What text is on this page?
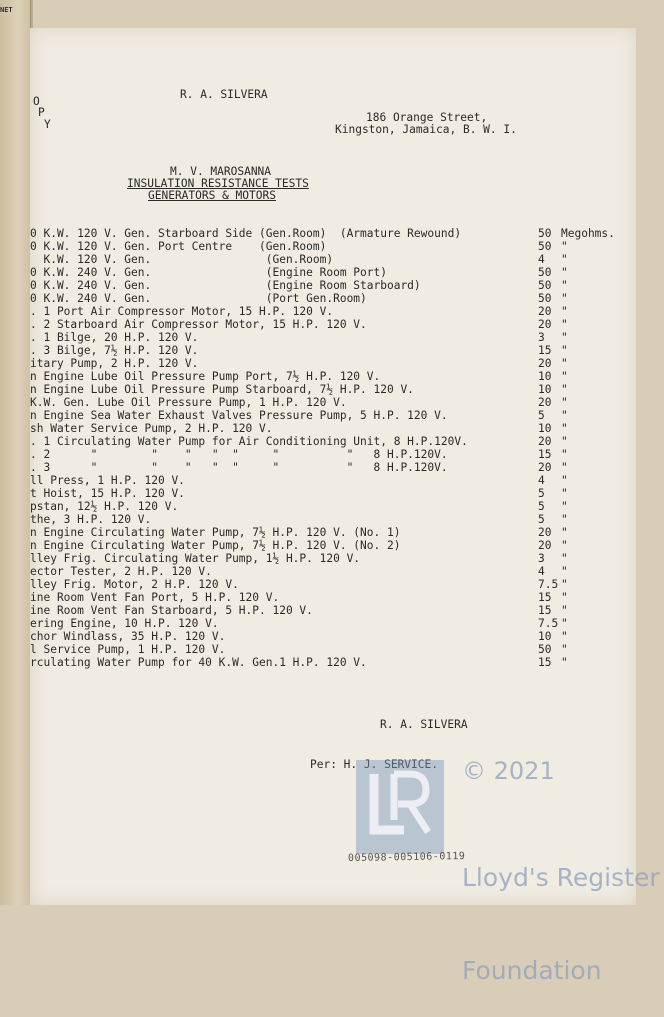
NET
O
P
Y
R. A. SILVERA
186 Orange Street,
Kingston, Jamaica, B. W. I.
M. V. MAROSANNA
INSULATION RESISTANCE TESTS
GENERATORS & MOTORS
0 K.W. 120 V. Gen. Starboard Side (Gen.Room)  (Armature Rewound)	50 Megohms.
0 K.W. 120 V. Gen. Port Centre    (Gen.Room)	50 "
K.W. 120 V. Gen.                 (Gen.Room)	4 "
0 K.W. 240 V. Gen.                 (Engine Room Port)	50 "
0 K.W. 240 V. Gen.                 (Engine Room Starboard)	50 "
0 K.W. 240 V. Gen.                 (Port Gen.Room)	50 "
. 1 Port Air Compressor Motor, 15 H.P. 120 V.	20 "
. 2 Starboard Air Compressor Motor, 15 H.P. 120 V.	20 "
. 1 Bilge, 20 H.P. 120 V.	3 "
. 3 Bilge, 7½ H.P. 120 V.	15 "
itary Pump, 2 H.P. 120 V.	20 "
n Engine Lube Oil Pressure Pump Port, 7½ H.P. 120 V.	10 "
n Engine Lube Oil Pressure Pump Starboard, 7½ H.P. 120 V.	10 "
K.W. Gen. Lube Oil Pressure Pump, 1 H.P. 120 V.	20 "
n Engine Sea Water Exhaust Valves Pressure Pump, 5 H.P. 120 V.	5 "
sh Water Service Pump, 2 H.P. 120 V.	10 "
. 1 Circulating Water Pump for Air Conditioning Unit, 8 H.P.120V.	20 "
. 2      "        "    "   "  "     "          "   8 H.P.120V.	15 "
. 3      "        "    "   "  "     "          "   8 H.P.120V.	20 "
ll Press, 1 H.P. 120 V.	4 "
t Hoist, 15 H.P. 120 V.	5 "
pstan, 12½ H.P. 120 V.	5 "
the, 3 H.P. 120 V.	5 "
n Engine Circulating Water Pump, 7½ H.P. 120 V. (No. 1)	20 "
n Engine Circulating Water Pump, 7½ H.P. 120 V. (No. 2)	20 "
lley Frig. Circulating Water Pump, 1½ H.P. 120 V.	3 "
ector Tester, 2 H.P. 120 V.	4 "
lley Frig. Motor, 2 H.P. 120 V.	7.5 "
ine Room Vent Fan Port, 5 H.P. 120 V.	15 "
ine Room Vent Fan Starboard, 5 H.P. 120 V.	15 "
ering Engine, 10 H.P. 120 V.	7.5 "
chor Windlass, 35 H.P. 120 V.	10 "
l Service Pump, 1 H.P. 120 V.	50 "
rculating Water Pump for 40 K.W. Gen.1 H.P. 120 V.	15 "
R. A. SILVERA
Per: H. J. SERVICE. © 2021

Lloyd's Register

Foundation

005098-005106-0119
